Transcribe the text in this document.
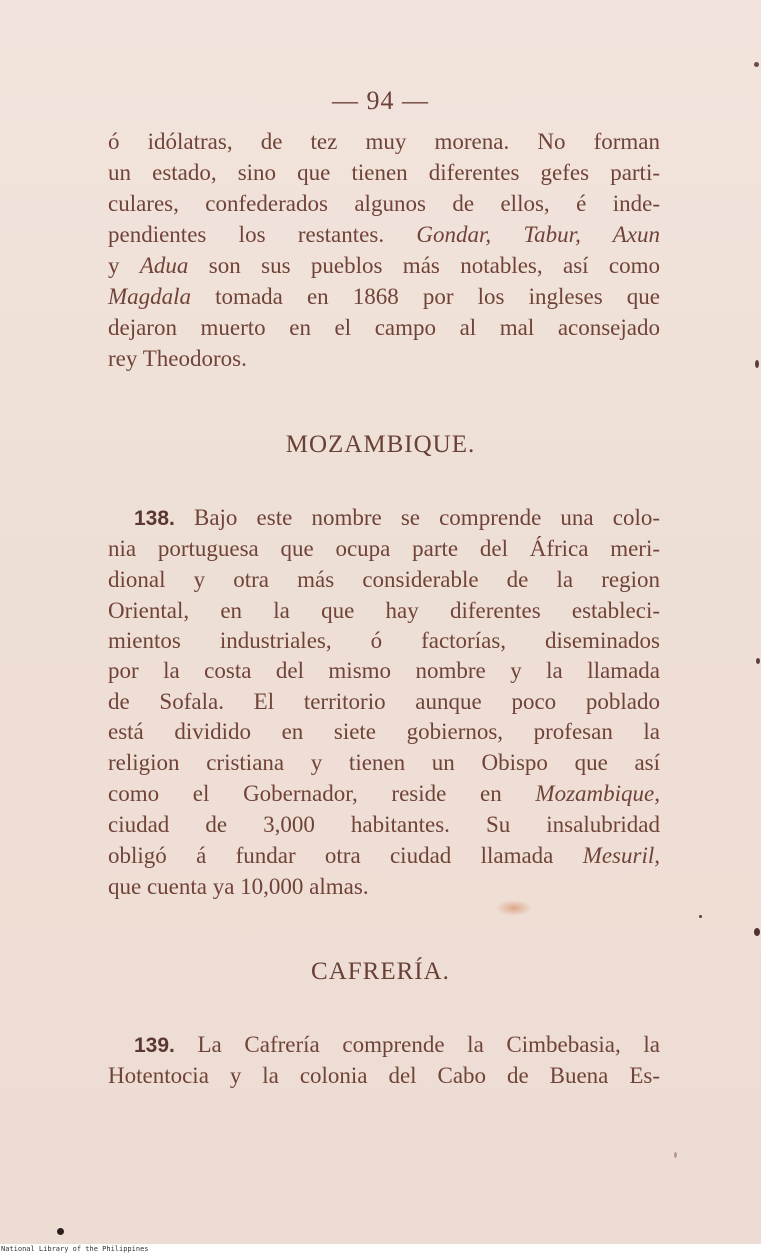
— 94 —
ó idólatras, de tez muy morena. No forman
un estado, sino que tienen diferentes gefes parti-
culares, confederados algunos de ellos, é inde-
pendientes los restantes. Gondar, Tabur, Axun
y Adua son sus pueblos más notables, así como
Magdala tomada en 1868 por los ingleses que
dejaron muerto en el campo al mal aconsejado
rey Theodoros.
MOZAMBIQUE.
138. Bajo este nombre se comprende una colo-
nia portuguesa que ocupa parte del África meri-
dional y otra más considerable de la region
Oriental, en la que hay diferentes estableci-
mientos industriales, ó factorías, diseminados
por la costa del mismo nombre y la llamada
de Sofala. El territorio aunque poco poblado
está dividido en siete gobiernos, profesan la
religion cristiana y tienen un Obispo que así
como el Gobernador, reside en Mozambique,
ciudad de 3,000 habitantes. Su insalubridad
obligó á fundar otra ciudad llamada Mesuril,
que cuenta ya 10,000 almas.
CAFRERÍA.
139. La Cafrería comprende la Cimbebasia, la
Hotentocia y la colonia del Cabo de Buena Es-
National Library of the Philippines
